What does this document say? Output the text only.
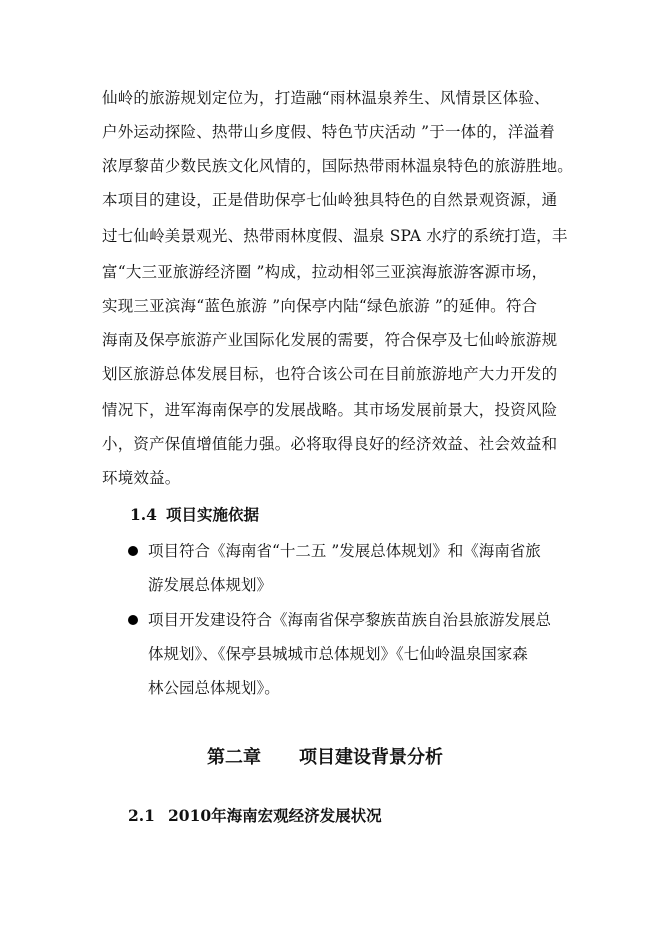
仙岭的旅游规划定位为，打造融“雨林温泉养生、风情景区体验、
户外运动探险、热带山乡度假、特色节庆活动 ”于一体的，洋溢着
浓厚黎苗少数民族文化风情的，国际热带雨林温泉特色的旅游胜地。
本项目的建设，正是借助保亭七仙岭独具特色的自然景观资源，通
过七仙岭美景观光、热带雨林度假、温泉 SPA 水疗的系统打造，丰
富“大三亚旅游经济圈 ”构成，拉动相邻三亚滨海旅游客源市场，
实现三亚滨海“蓝色旅游 ”向保亭内陆“绿色旅游 ”的延伸。符合
海南及保亭旅游产业国际化发展的需要，符合保亭及七仙岭旅游规
划区旅游总体发展目标，也符合该公司在目前旅游地产大力开发的
情况下，进军海南保亭的发展战略。其市场发展前景大，投资风险
小，资产保值增值能力强。必将取得良好的经济效益、社会效益和
环境效益。
1.4 项目实施依据
项目符合《海南省“十二五 ”发展总体规划》和《海南省旅
游发展总体规划》
项目开发建设符合《海南省保亭黎族苗族自治县旅游发展总
体规划》、《保亭县城城市总体规划》《七仙岭温泉国家森
林公园总体规划》。
第二章 项目建设背景分析
2.1 2010年海南宏观经济发展状况
